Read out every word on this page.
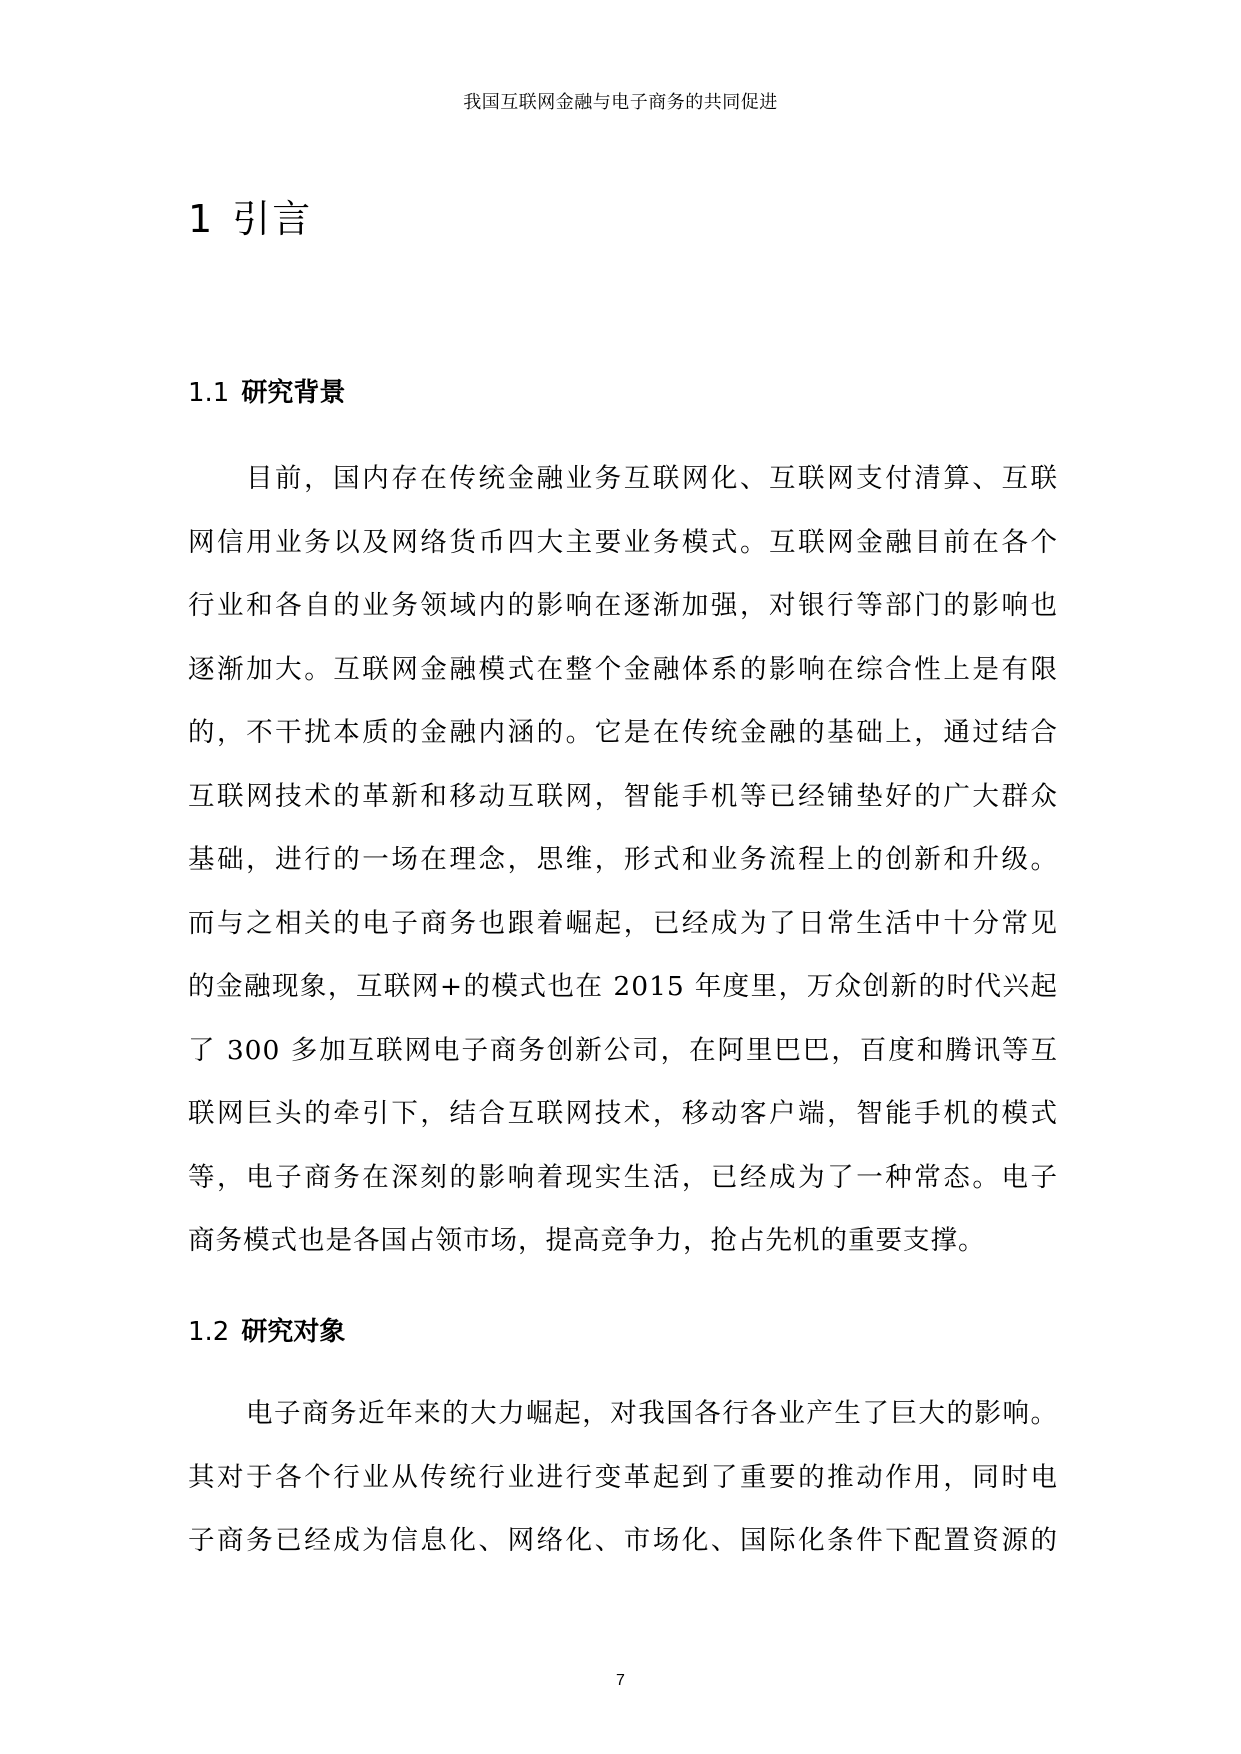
我国互联网金融与电子商务的共同促进
1 引言
1.1 研究背景
目前，国内存在传统金融业务互联网化、互联网支付清算、互联
网信用业务以及网络货币四大主要业务模式。互联网金融目前在各个
行业和各自的业务领域内的影响在逐渐加强，对银行等部门的影响也
逐渐加大。互联网金融模式在整个金融体系的影响在综合性上是有限
的，不干扰本质的金融内涵的。它是在传统金融的基础上，通过结合
互联网技术的革新和移动互联网，智能手机等已经铺垫好的广大群众
基础，进行的一场在理念，思维，形式和业务流程上的创新和升级。
而与之相关的电子商务也跟着崛起，已经成为了日常生活中十分常见
的金融现象，互联网+的模式也在 2015 年度里，万众创新的时代兴起
了 300 多加互联网电子商务创新公司，在阿里巴巴，百度和腾讯等互
联网巨头的牵引下，结合互联网技术，移动客户端，智能手机的模式
等，电子商务在深刻的影响着现实生活，已经成为了一种常态。电子
商务模式也是各国占领市场，提高竞争力，抢占先机的重要支撑。
1.2 研究对象
电子商务近年来的大力崛起，对我国各行各业产生了巨大的影响。
其对于各个行业从传统行业进行变革起到了重要的推动作用，同时电
子商务已经成为信息化、网络化、市场化、国际化条件下配置资源的
7
